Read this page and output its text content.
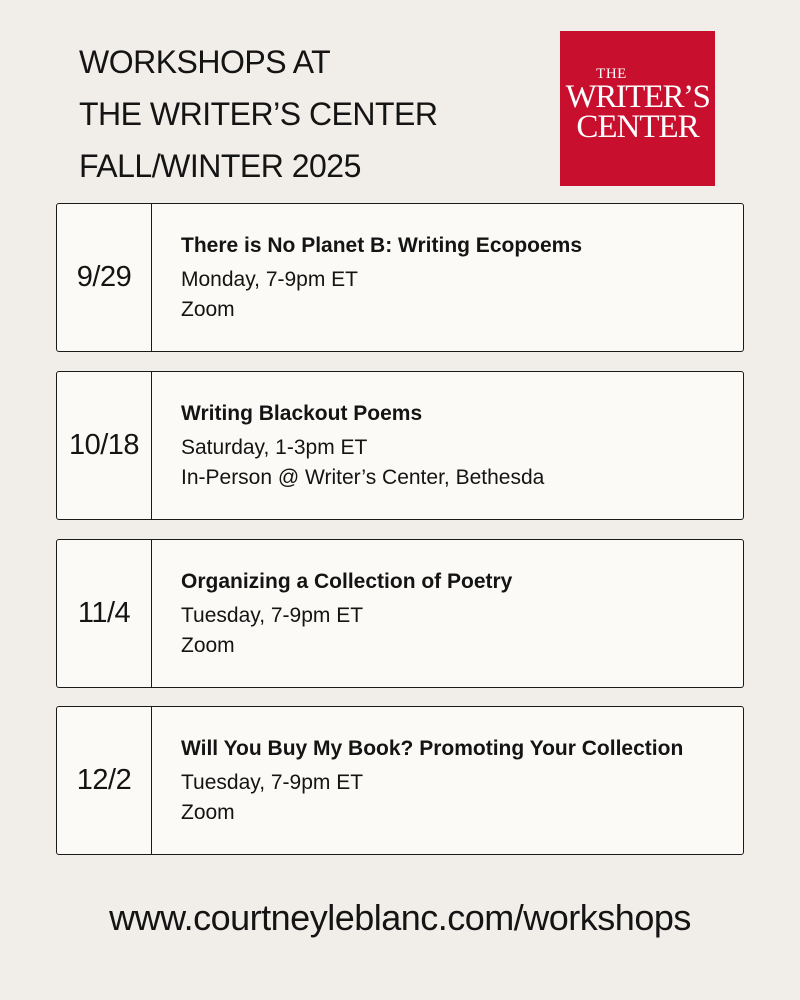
WORKSHOPS AT
THE WRITER’S CENTER
FALL/WINTER 2025
THE
WRITER’S
CENTER
9/29
There is No Planet B: Writing Ecopoems
Monday, 7-9pm ET
Zoom
10/18
Writing Blackout Poems
Saturday, 1-3pm ET
In-Person @ Writer’s Center, Bethesda
11/4
Organizing a Collection of Poetry
Tuesday, 7-9pm ET
Zoom
12/2
Will You Buy My Book? Promoting Your Collection
Tuesday, 7-9pm ET
Zoom
www.courtneyleblanc.com/workshops
